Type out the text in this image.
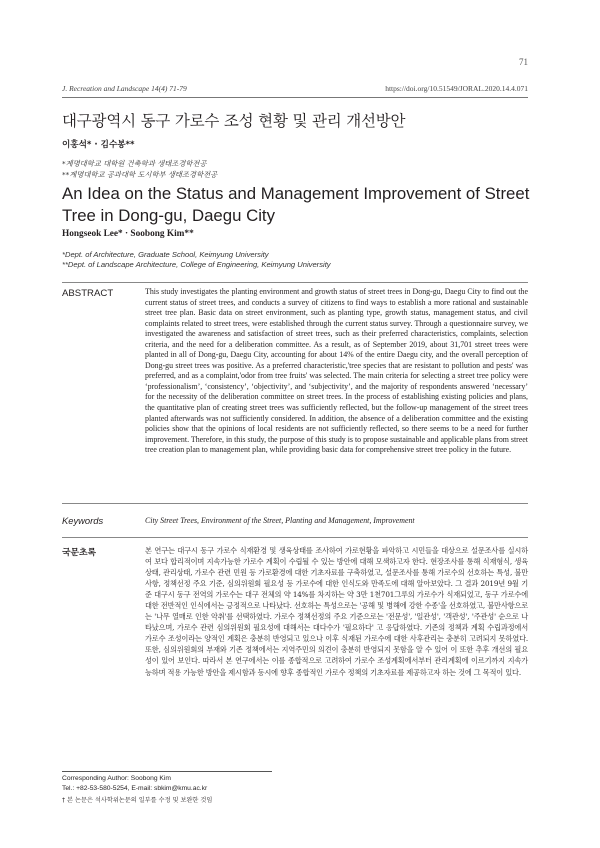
71
J. Recreation and Landscape 14(4) 71-79	https://doi.org/10.51549/JORAL.2020.14.4.071
대구광역시 동구 가로수 조성 현황 및 관리 개선방안
이홍석* · 김수봉**
*계명대학교 대학원 건축학과 생태조경학전공
**계명대학교 공과대학 도시학부 생태조경학전공
An Idea on the Status and Management Improvement of Street Tree in Dong-gu, Daegu City
Hongseok Lee* · Soobong Kim**
*Dept. of Architecture, Graduate School, Keimyung University
**Dept. of Landscape Architecture, College of Engineering, Keimyung University
ABSTRACT	This study investigates the planting environment and growth status of street trees in Dong-gu, Daegu City to find out the current status of street trees, and conducts a survey of citizens to find ways to establish a more rational and sustainable street tree plan. Basic data on street environment, such as planting type, growth status, management status, and civil complaints related to street trees, were established through the current status survey. Through a questionnaire survey, we investigated the awareness and satisfaction of street trees, such as their preferred characteristics, complaints, selection criteria, and the need for a deliberation committee. As a result, as of September 2019, about 31,701 street trees were planted in all of Dong-gu, Daegu City, accounting for about 14% of the entire Daegu city, and the overall perception of Dong-gu street trees was positive. As a preferred characteristic,'tree species that are resistant to pollution and pests' was preferred, and as a complaint,'odor from tree fruits' was selected. The main criteria for selecting a street tree policy were ‘professionalism’, ‘consistency’, ‘objectivity’, and ‘subjectivity’, and the majority of respondents answered ‘necessary’ for the necessity of the deliberation committee on street trees. In the process of establishing existing policies and plans, the quantitative plan of creating street trees was sufficiently reflected, but the follow-up management of the street trees planted afterwards was not sufficiently considered. In addition, the absence of a deliberation committee and the existing policies show that the opinions of local residents are not sufficiently reflected, so there seems to be a need for further improvement. Therefore, in this study, the purpose of this study is to propose sustainable and applicable plans from street tree creation plan to management plan, while providing basic data for comprehensive street tree policy in the future.
Keywords	City Street Trees, Environment of the Street, Planting and Management, Improvement
국문초록	본 연구는 대구시 동구 가로수 식재환경 및 생육상태를 조사하여 가로현황을 파악하고 시민들을 대상으로 설문조사를 실시하여 보다 합리적이며 지속가능한 가로수 계획이 수립될 수 있는 방안에 대해 모색하고자 한다. 현장조사를 통해 식재형식, 생육상태, 관리상태, 가로수 관련 민원 등 가로환경에 대한 기초자료를 구축하였고, 설문조사를 통해 가로수의 선호하는 특성, 불만사항, 정책선정 주요 기준, 심의위원회 필요성 등 가로수에 대한 인식도와 만족도에 대해 알아보았다. 그 결과 2019년 9월 기준 대구시 동구 전역의 가로수는 대구 전체의 약 14%를 차지하는 약 3만 1천701그루의 가로수가 식재되었고, 동구 가로수에 대한 전반적인 인식에서는 긍정적으로 나타났다. 선호하는 특성으로는 '공해 및 병해에 강한 수종'을 선호하였고, 불만사항으로는 '나무 열매로 인한 악취'를 선택하였다. 가로수 정책선정의 주요 기준으로는 '전문성', '일관성', '객관성', '주관성' 순으로 나타났으며, 가로수 관련 심의위원회 필요성에 대해서는 대다수가 '필요하다' 고 응답하였다. 기존의 정책과 계획 수립과정에서 가로수 조성이라는 양적인 계획은 충분히 반영되고 있으나 이후 식재된 가로수에 대한 사후관리는 충분히 고려되지 못하였다. 또한, 심의위원회의 부재와 기존 정책에서는 지역주민의 의견이 충분히 반영되지 못함을 알 수 있어 이 또한 추후 개선의 필요성이 있어 보인다. 따라서 본 연구에서는 이를 종합적으로 고려하여 가로수 조성계획에서부터 관리계획에 이르기까지 지속가능하며 적용 가능한 방안을 제시함과 동시에 향후 종합적인 가로수 정책의 기초자료를 제공하고자 하는 것에 그 목적이 있다.
Corresponding Author: Soobong Kim
Tel.: +82-53-580-5254, E-mail: sbkim@kmu.ac.kr
† 본 논문은 석사학위논문의 일부를 수정 및 보완한 것임
